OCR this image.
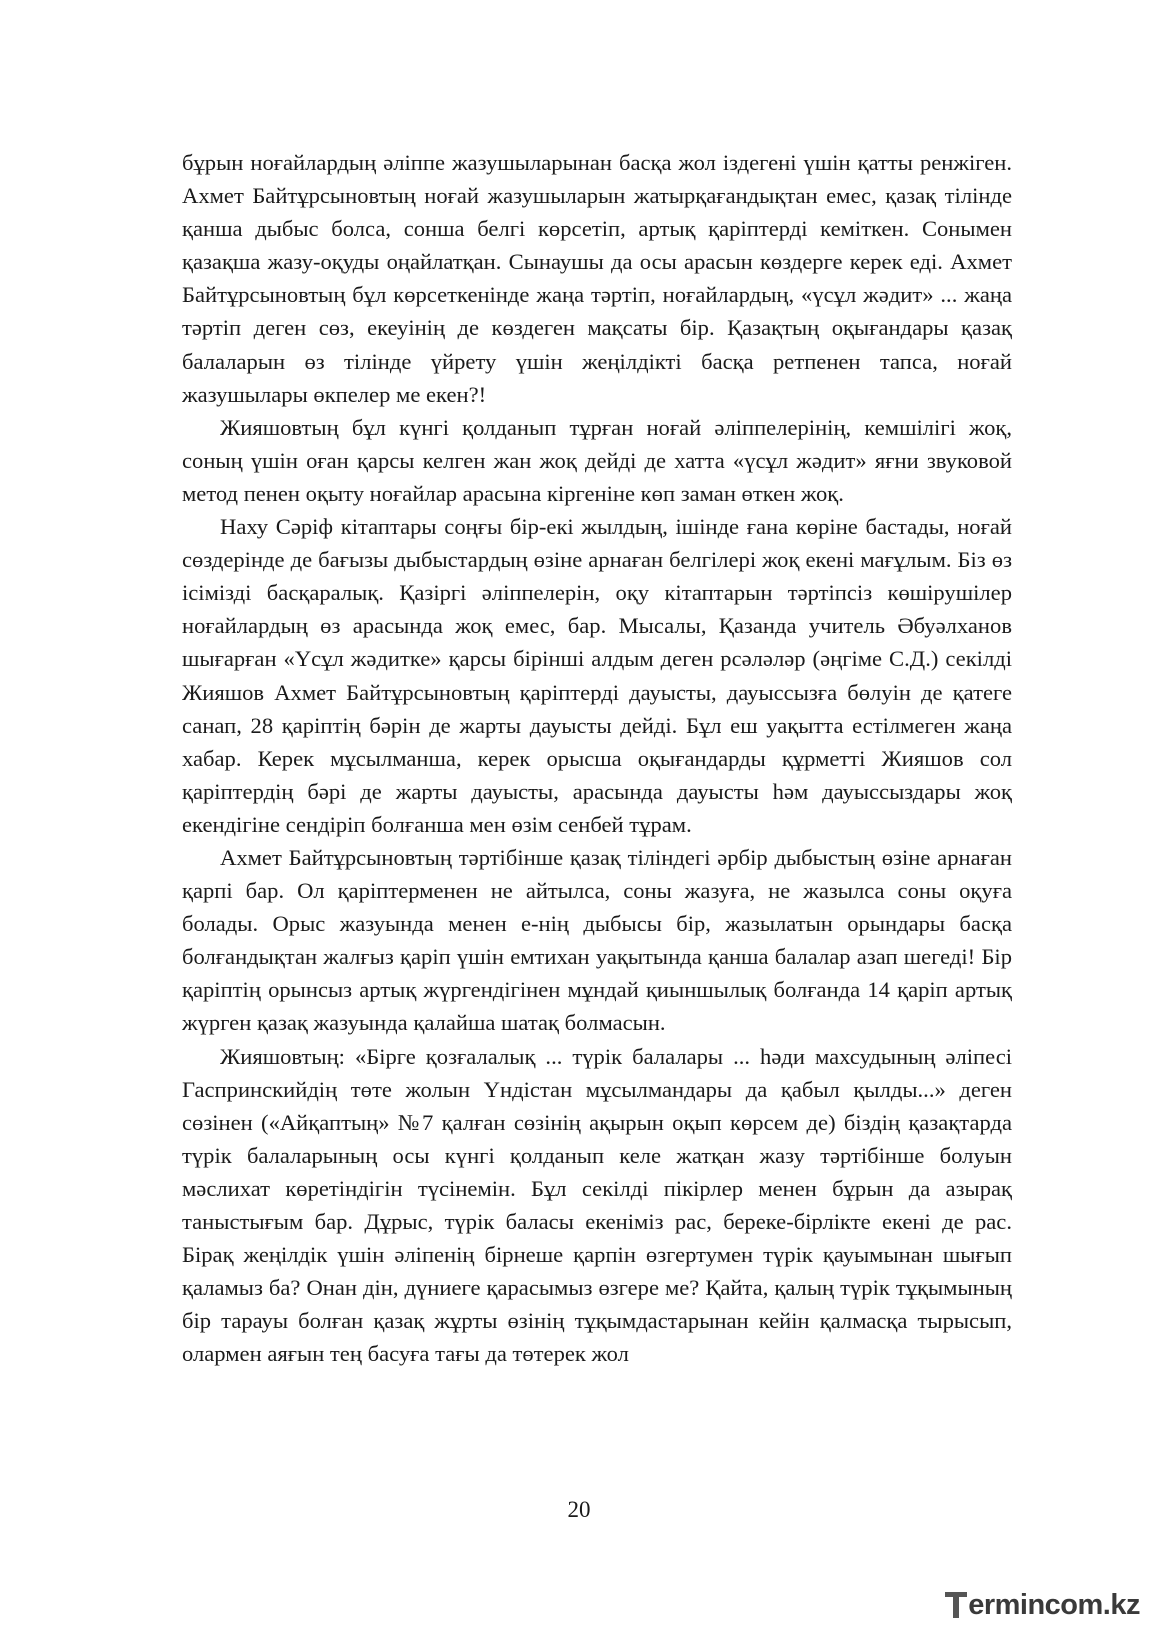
бұрын ноғайлардың әліппе жазушыларынан басқа жол іздегені үшін қатты ренжіген. Ахмет Байтұрсыновтың ноғай жазушыларын жатырқағандықтан емес, қазақ тілінде қанша дыбыс болса, сонша белгі көрсетіп, артық қаріптерді кеміткен. Сонымен қазақша жазу-оқуды оңайлатқан. Сынаушы да осы арасын көздерге керек еді. Ахмет Байтұрсыновтың бұл көрсеткенінде жаңа тәртіп, ноғайлардың, «үсұл жәдит» ... жаңа тәртіп деген сөз, екеуінің де көздеген мақсаты бір. Қазақтың оқығандары қазақ балаларын өз тілінде үйрету үшін жеңілдікті басқа ретпенен тапса, ноғай жазушылары өкпелер ме екен?!

Жияшовтың бұл күнгі қолданып тұрған ноғай әліппелерінің, кемшілігі жоқ, соның үшін оған қарсы келген жан жоқ дейді де хатта «үсұл жәдит» яғни звуковой метод пенен оқыту ноғайлар арасына кіргеніне көп заман өткен жоқ.

Наху Сәріф кітаптары соңғы бір-екі жылдың, ішінде ғана көріне бастады, ноғай сөздерінде де бағызы дыбыстардың өзіне арнаған белгілері жоқ екені мағұлым. Біз өз ісімізді басқаралық. Қазіргі әліппелерін, оқу кітаптарын тәртіпсіз көшірушілер ноғайлардың өз арасында жоқ емес, бар. Мысалы, Қазанда учитель Әбуәлханов шығарған «Үсұл жәдитке» қарсы бірінші алдым деген рсәләләр (әңгіме С.Д.) секілді Жияшов Ахмет Байтұрсыновтың қаріптерді дауысты, дауыссызға бөлуін де қатеге санап, 28 қаріптің бәрін де жарты дауысты дейді. Бұл еш уақытта естілмеген жаңа хабар. Керек мұсылманша, керек орысша оқығандарды құрметті Жияшов сол қаріптердің бәрі де жарты дауысты, арасында дауысты һәм дауыссыздары жоқ екендігіне сендіріп болғанша мен өзім сенбей тұрам.

Ахмет Байтұрсыновтың тәртібінше қазақ тіліндегі әрбір дыбыстың өзіне арнаған қарпі бар. Ол қаріптерменен не айтылса, соны жазуға, не жазылса соны оқуға болады. Орыс жазуында менен е-нің дыбысы бір, жазылатын орындары басқа болғандықтан жалғыз қаріп үшін емтихан уақытында қанша балалар азап шегеді! Бір қаріптің орынсыз артық жүргендігінен мұндай қиыншылық болғанда 14 қаріп артық жүрген қазақ жазуында қалайша шатақ болмасын.

Жияшовтың: «Бірге қозғалалық ... түрік балалары ... һәди махсудының әліпесі Гаспринскийдің төте жолын Үндістан мұсылмандары да қабыл қылды...» деген сөзінен («Айқаптың» №7 қалған сөзінің ақырын оқып көрсем де) біздің қазақтарда түрік балаларының осы күнгі қолданып келе жатқан жазу тәртібінше болуын мәслихат көретіндігін түсінемін. Бұл секілді пікірлер менен бұрын да азырақ таныстығым бар. Дұрыс, түрік баласы екеніміз рас, береке-бірлікте екені де рас. Бірақ жеңілдік үшін әліпенің бірнеше қарпін өзгертумен түрік қауымынан шығып қаламыз ба? Онан дін, дүниеге қарасымыз өзгере ме? Қайта, қалың түрік тұқымының бір тарауы болған қазақ жұрты өзінің тұқымдастарынан кейін қалмасқа тырысып, олармен аяғын тең басуға тағы да төтерек жол

20
ermincom.kz
